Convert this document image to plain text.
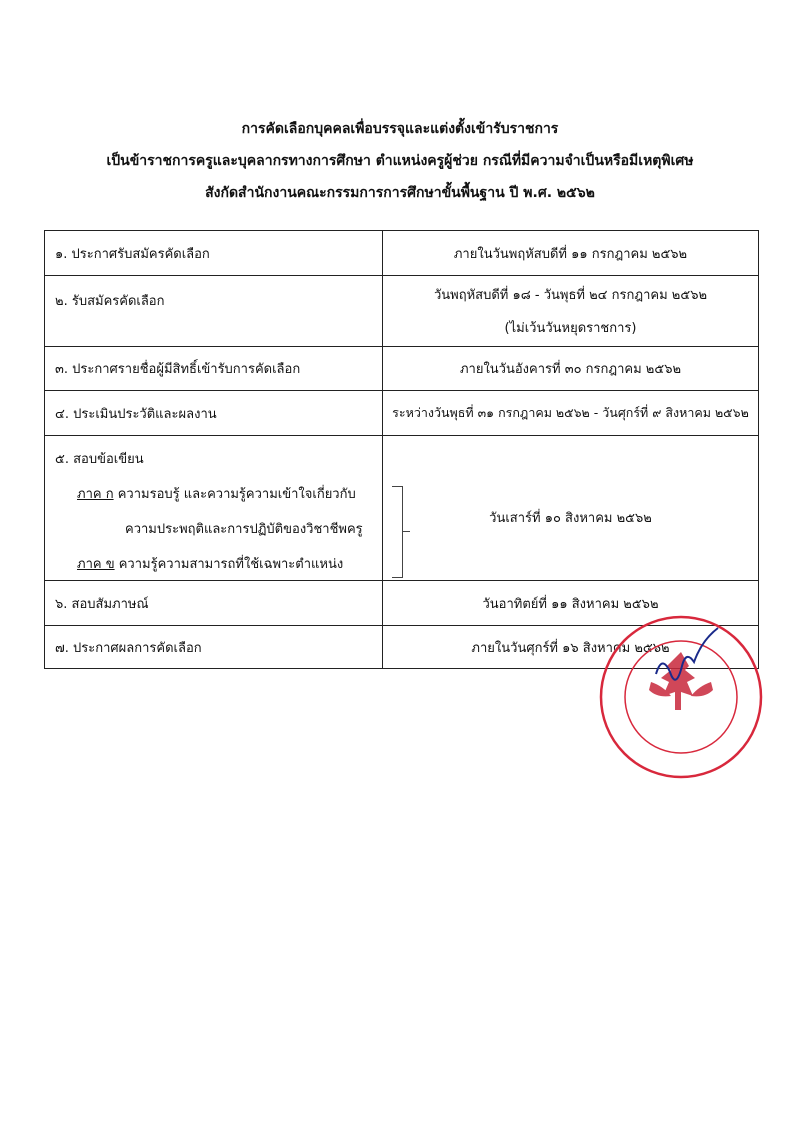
การคัดเลือกบุคคลเพื่อบรรจุและแต่งตั้งเข้ารับราชการ
เป็นข้าราชการครูและบุคลากรทางการศึกษา ตำแหน่งครูผู้ช่วย กรณีที่มีความจำเป็นหรือมีเหตุพิเศษ
สังกัดสำนักงานคณะกรรมการการศึกษาขั้นพื้นฐาน ปี พ.ศ. ๒๕๖๒
๑. ประกาศรับสมัครคัดเลือก	ภายในวันพฤหัสบดีที่ ๑๑ กรกฎาคม ๒๕๖๒
๒. รับสมัครคัดเลือก	วันพฤหัสบดีที่ ๑๘ - วันพุธที่ ๒๔ กรกฎาคม ๒๕๖๒
(ไม่เว้นวันหยุดราชการ)

๓. ประกาศรายชื่อผู้มีสิทธิ์เข้ารับการคัดเลือก	ภายในวันอังคารที่ ๓๐ กรกฎาคม ๒๕๖๒
๔. ประเมินประวัติและผลงาน	ระหว่างวันพุธที่ ๓๑ กรกฎาคม ๒๕๖๒ - วันศุกร์ที่ ๙ สิงหาคม ๒๕๖๒

๕. สอบข้อเขียน
ภาค ก ความรอบรู้ และความรู้ความเข้าใจเกี่ยวกับ
ความประพฤติและการปฏิบัติของวิชาชีพครู
ภาค ข ความรู้ความสามารถที่ใช้เฉพาะตำแหน่ง	วันเสาร์ที่ ๑๐ สิงหาคม ๒๕๖๒
๖. สอบสัมภาษณ์	วันอาทิตย์ที่ ๑๑ สิงหาคม ๒๕๖๒
๗. ประกาศผลการคัดเลือก	ภายในวันศุกร์ที่ ๑๖ สิงหาคม ๒๕๖๒
